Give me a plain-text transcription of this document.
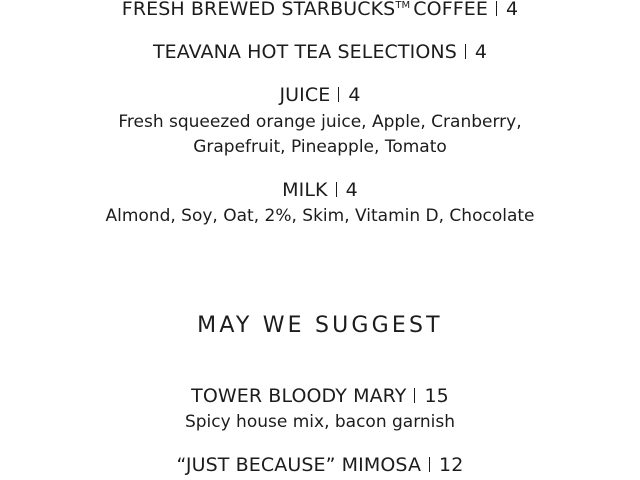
FRESH BREWED STARBUCKS™ COFFEE 4
TEAVANA HOT TEA SELECTIONS 4
JUICE 4
Fresh squeezed orange juice, Apple, Cranberry,
Grapefruit, Pineapple, Tomato
MILK 4
Almond, Soy, Oat, 2%, Skim, Vitamin D, Chocolate
MAY WE SUGGEST
TOWER BLOODY MARY 15
Spicy house mix, bacon garnish
“JUST BECAUSE” MIMOSA 12
